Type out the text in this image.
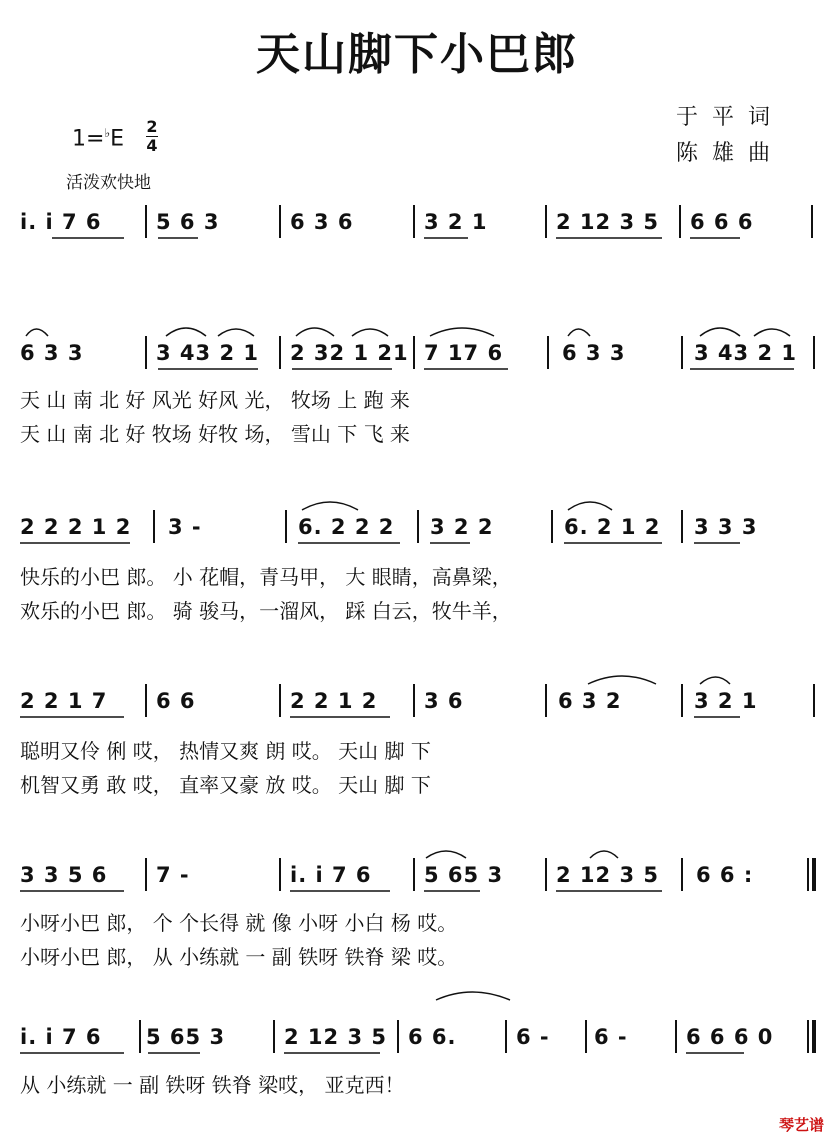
天山脚下小巴郎
1=♭E 2
4
活泼欢快地
于平词
陈雄曲
i. i 7 6	5 6 3	6 3 6	3 2 1	2 12 3 5 6 6 6
6 3 3	3 43 2 1 2 32 1 21 7 17 6	6 3 3	3 43 2 1
天 山 南 北 好 风光 好风 光， 牧场 上 跑 来
天 山 南 北 好 牧场 好牧 场， 雪山 下 飞 来
2 2 2 1 2 3 -	6. 2 2 2 3 2 2	6. 2 1 2 3 3 3
快乐的小巴 郎。 小 花帽，青马甲， 大 眼睛，高鼻梁，
欢乐的小巴 郎。 骑 骏马，一溜风， 踩 白云，牧牛羊，
2 2 1 7 6 6	2 2 1 2 3 6	6 3 2	3 2 1
聪明又伶 俐 哎， 热情又爽 朗 哎。 天山 脚 下
机智又勇 敢 哎， 直率又豪 放 哎。 天山 脚 下
3 3 5 6 7 -	i. i 7 6 5 65 3	2 12 3 5 6 6 :
小呀小巴 郎， 个 个长得 就 像 小呀 小白 杨 哎。
小呀小巴 郎， 从 小练就 一 副 铁呀 铁脊 梁 哎。
i. i 7 6 5 65 3	2 12 3 5 6 6.	6 - 6 -	6 6 6 0
从 小练就 一 副 铁呀 铁脊 梁哎， 亚克西！
琴艺谱
